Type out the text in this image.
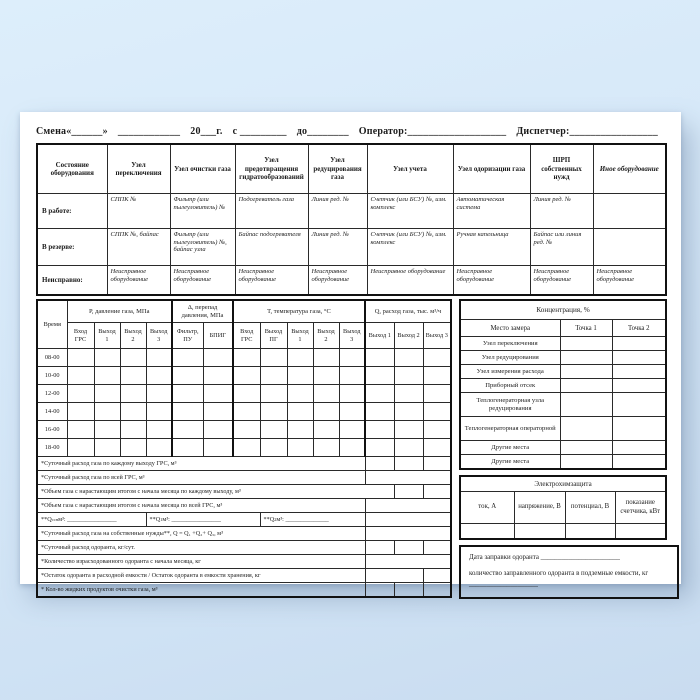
Смена«______» ____________ 20___г. с _________ до________ Оператор:___________________ Диспетчер:_________________
Состояние оборудования	Узел переключения	Узел очистки газа	Узел предотвращения гидратообразований	Узел редуцирования газа	Узел учета	Узел одоризации газа	ШРП собственных нужд	Иное оборудование
В работе:	СППК №	Фильтр (или пылеуловитель) №	Подогреватель газа	Линия ред. №	Счетчик (или БСУ) №, изм. комплекс	Автоматическая система	Линия ред. №	
В резерве:	СППК №, байпас	Фильтр (или пылеуловитель) №, байпас узла	Байпас подогревателя	Линия ред. №	Счетчик (или БСУ) №, изм. комплекс	Ручная капельница	Байпас или линия ред. №	
Неисправно:	Неисправное оборудование	Неисправное оборудование	Неисправное оборудование	Неисправное оборудование	Неисправное оборудование	Неисправное оборудование	Неисправное оборудование	Неисправное оборудование
Время	Р, давление газа, МПа				Δ, перепад давления, МПа		Т, температура газа, °С					Q, расход газа, тыс. м³/ч		
	Вход ГРС	Выход 1	Выход 2	Выход 3	Фильтр, ПУ	БПИГ	Вход ГРС	Выход ПГ	Выход 1	Выход 2	Выход 3	Выход 1	Выход 2	Выход 3
08-00														
10-00														
12-00														
14-00														
16-00														
18-00														
*Суточный расход газа по каждому выходу ГРС, м³														
*Суточный расход газа по всей ГРС, м³														
*Объем газа с нарастающим итогом с начала месяца по каждому выходу, м³														
*Объем газа с нарастающим итогом с начала месяца по всей ГРС, м³														
**Qсснм³: ________________				**Q1м³: ________________				**Q2м³: ______________						
*Суточный расход газа на собственные нужды**, Q = Q₁ +Q₂+ Q₃, м³														
*Суточный расход одоранта, кг/сут.														
*Количество израсходованного одоранта с начала месяца, кг														
*Остаток одоранта в расходной емкости / Остаток одоранта в емкости хранения, кг														
* Кол-во жидких продуктов очистки газа, м³														
Концентрация, %		
Место замера	Точка 1	Точка 2
Узел переключения		
Узел редуцирования		
Узел измерения расхода		
Приборный отсек		
Теплогенераторная узла редуцирования		
Теплогенераторная операторной		
Другие места		
Другие места		
Электрохимзащита			
ток, А	напряжение, В	потенциал, В	показание счетчика, кВт

Дата заправки одоранта _______________________
количество заправленного одоранта в подземные емкости, кг ____________________
